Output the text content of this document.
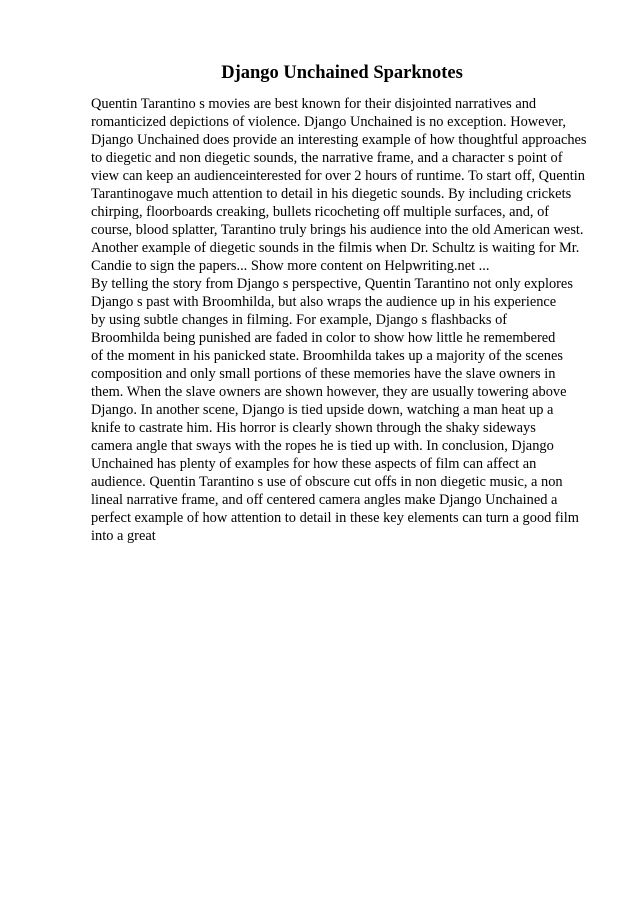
Django Unchained Sparknotes
Quentin Tarantino s movies are best known for their disjointed narratives and
romanticized depictions of violence. Django Unchained is no exception. However,
Django Unchained does provide an interesting example of how thoughtful approaches
to diegetic and non diegetic sounds, the narrative frame, and a character s point of
view can keep an audienceinterested for over 2 hours of runtime. To start off, Quentin
Tarantinogave much attention to detail in his diegetic sounds. By including crickets
chirping, floorboards creaking, bullets ricocheting off multiple surfaces, and, of
course, blood splatter, Tarantino truly brings his audience into the old American west.
Another example of diegetic sounds in the filmis when Dr. Schultz is waiting for Mr.
Candie to sign the papers... Show more content on Helpwriting.net ...
By telling the story from Django s perspective, Quentin Tarantino not only explores
Django s past with Broomhilda, but also wraps the audience up in his experience
by using subtle changes in filming. For example, Django s flashbacks of
Broomhilda being punished are faded in color to show how little he remembered
of the moment in his panicked state. Broomhilda takes up a majority of the scenes
composition and only small portions of these memories have the slave owners in
them. When the slave owners are shown however, they are usually towering above
Django. In another scene, Django is tied upside down, watching a man heat up a
knife to castrate him. His horror is clearly shown through the shaky sideways
camera angle that sways with the ropes he is tied up with. In conclusion, Django
Unchained has plenty of examples for how these aspects of film can affect an
audience. Quentin Tarantino s use of obscure cut offs in non diegetic music, a non
lineal narrative frame, and off centered camera angles make Django Unchained a
perfect example of how attention to detail in these key elements can turn a good film
into a great
